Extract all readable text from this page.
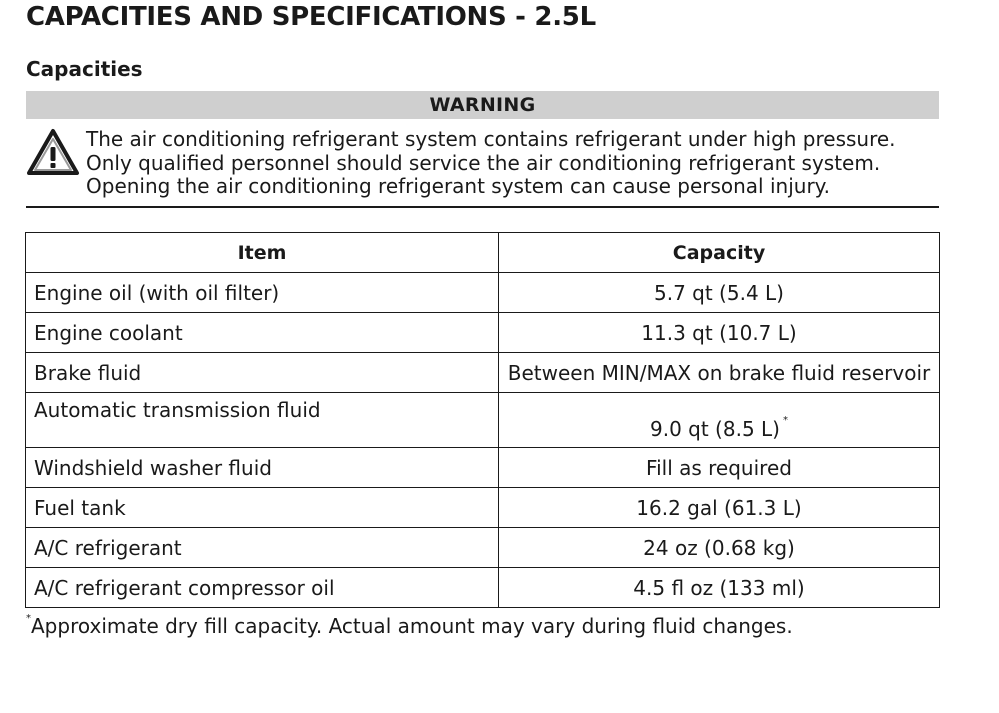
CAPACITIES AND SPECIFICATIONS - 2.5L
Capacities
WARNING
The air conditioning refrigerant system contains refrigerant under high pressure.
Only qualified personnel should service the air conditioning refrigerant system.
Opening the air conditioning refrigerant system can cause personal injury.
Item	Capacity
Engine oil (with oil filter)	5.7 qt (5.4 L)
Engine coolant	11.3 qt (10.7 L)
Brake fluid	Between MIN/MAX on brake fluid reservoir
Automatic transmission fluid	9.0 qt (8.5 L) *
Windshield washer fluid	Fill as required
Fuel tank	16.2 gal (61.3 L)
A/C refrigerant	24 oz (0.68 kg)
A/C refrigerant compressor oil	4.5 fl oz (133 ml)
*Approximate dry fill capacity. Actual amount may vary during fluid changes.
